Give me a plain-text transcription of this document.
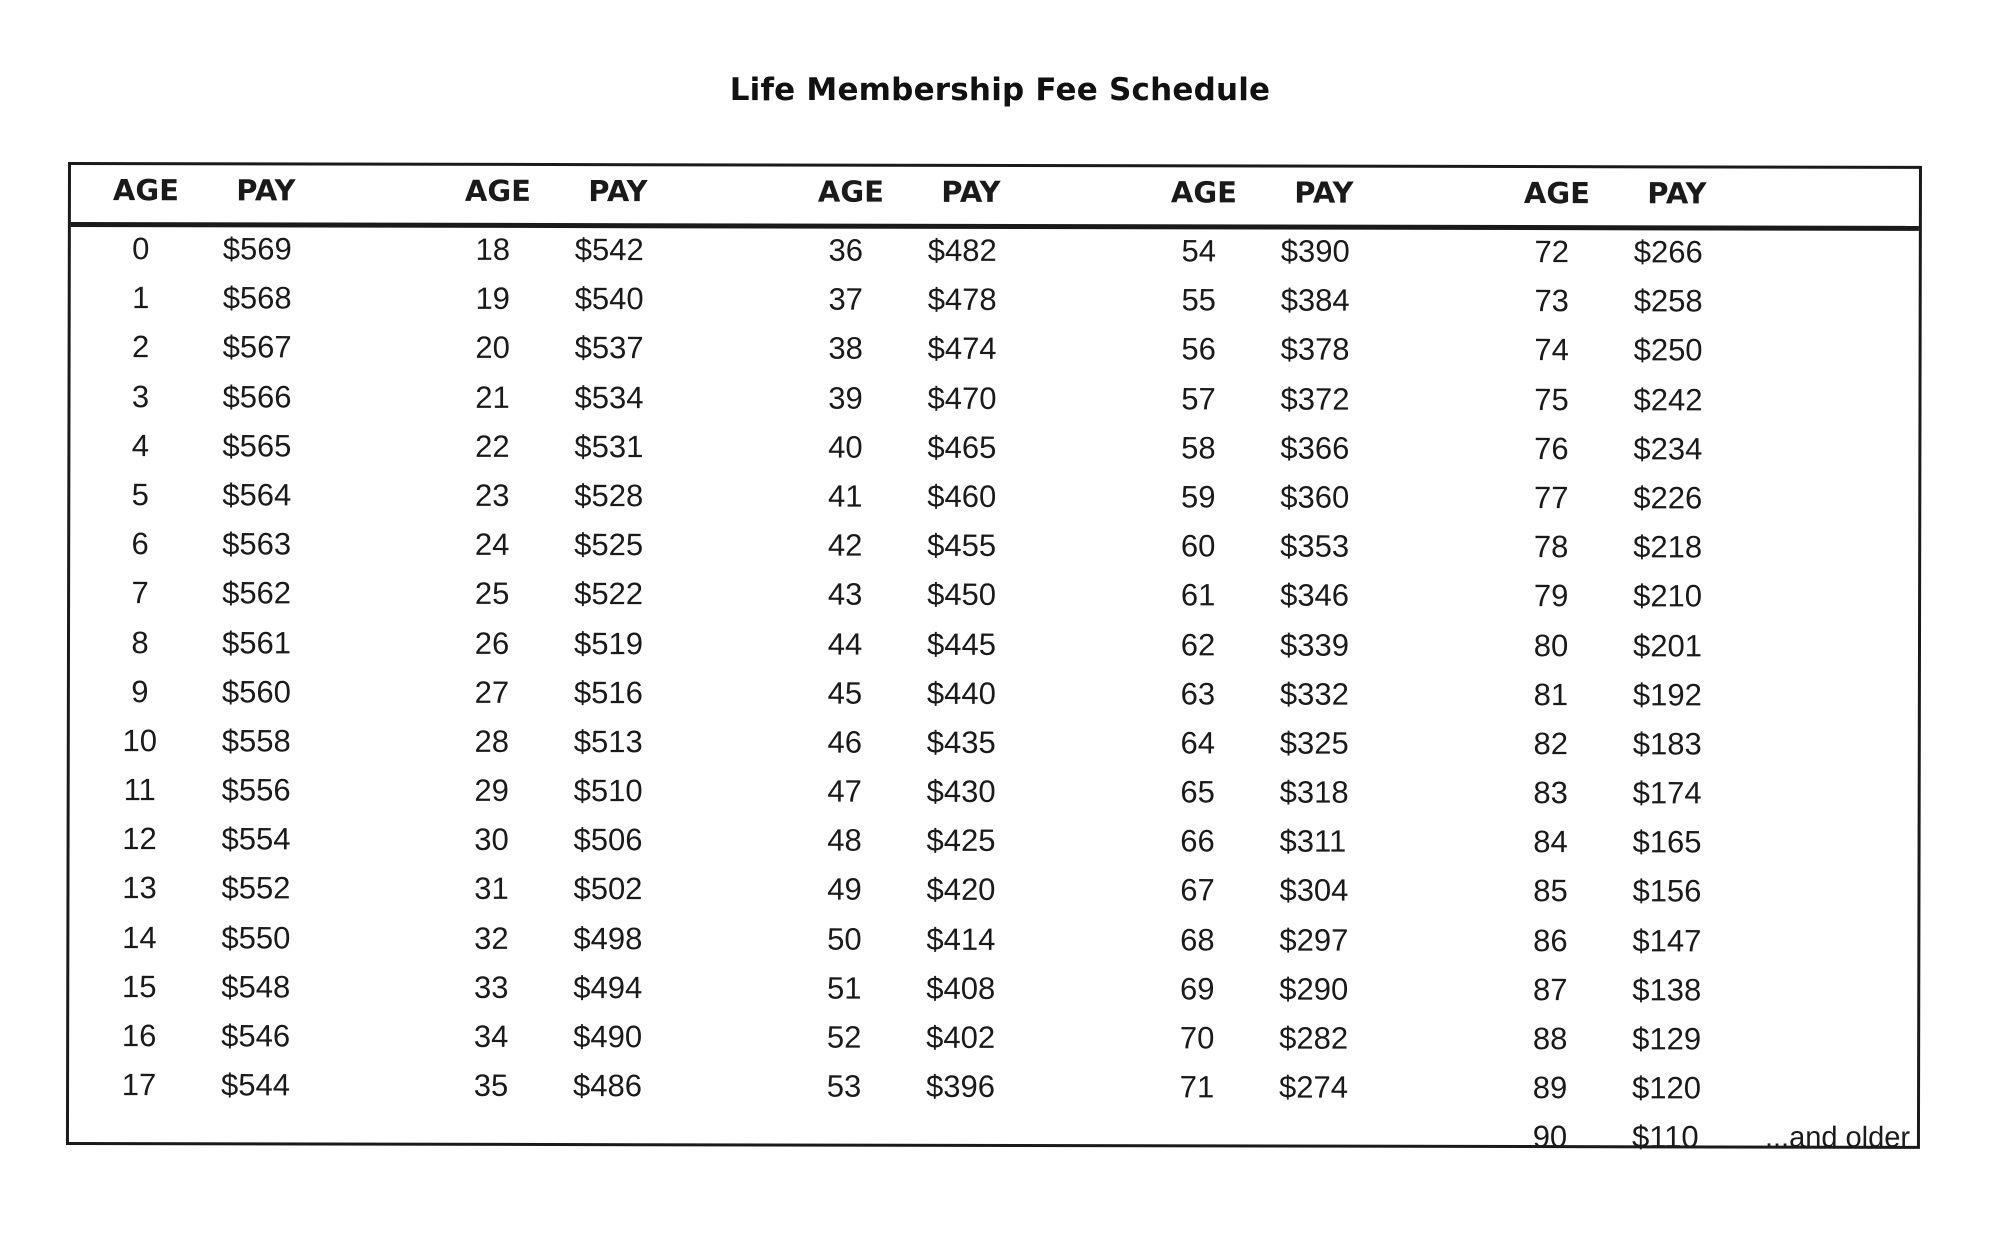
Life Membership Fee Schedule
AGE	PAY
0	$569
1	$568
2	$567
3	$566
4	$565
5	$564
6	$563
7	$562
8	$561
9	$560
10	$558
11	$556
12	$554
13	$552
14	$550
15	$548
16	$546
17	$544
AGE	PAY
18	$542
19	$540
20	$537
21	$534
22	$531
23	$528
24	$525
25	$522
26	$519
27	$516
28	$513
29	$510
30	$506
31	$502
32	$498
33	$494
34	$490
35	$486
AGE	PAY
36	$482
37	$478
38	$474
39	$470
40	$465
41	$460
42	$455
43	$450
44	$445
45	$440
46	$435
47	$430
48	$425
49	$420
50	$414
51	$408
52	$402
53	$396
AGE	PAY
54	$390
55	$384
56	$378
57	$372
58	$366
59	$360
60	$353
61	$346
62	$339
63	$332
64	$325
65	$318
66	$311
67	$304
68	$297
69	$290
70	$282
71	$274
AGE	PAY
72	$266
73	$258
74	$250
75	$242
76	$234
77	$226
78	$218
79	$210
80	$201
81	$192
82	$183
83	$174
84	$165
85	$156
86	$147
87	$138
88	$129
89	$120
90	$110 ...and older
